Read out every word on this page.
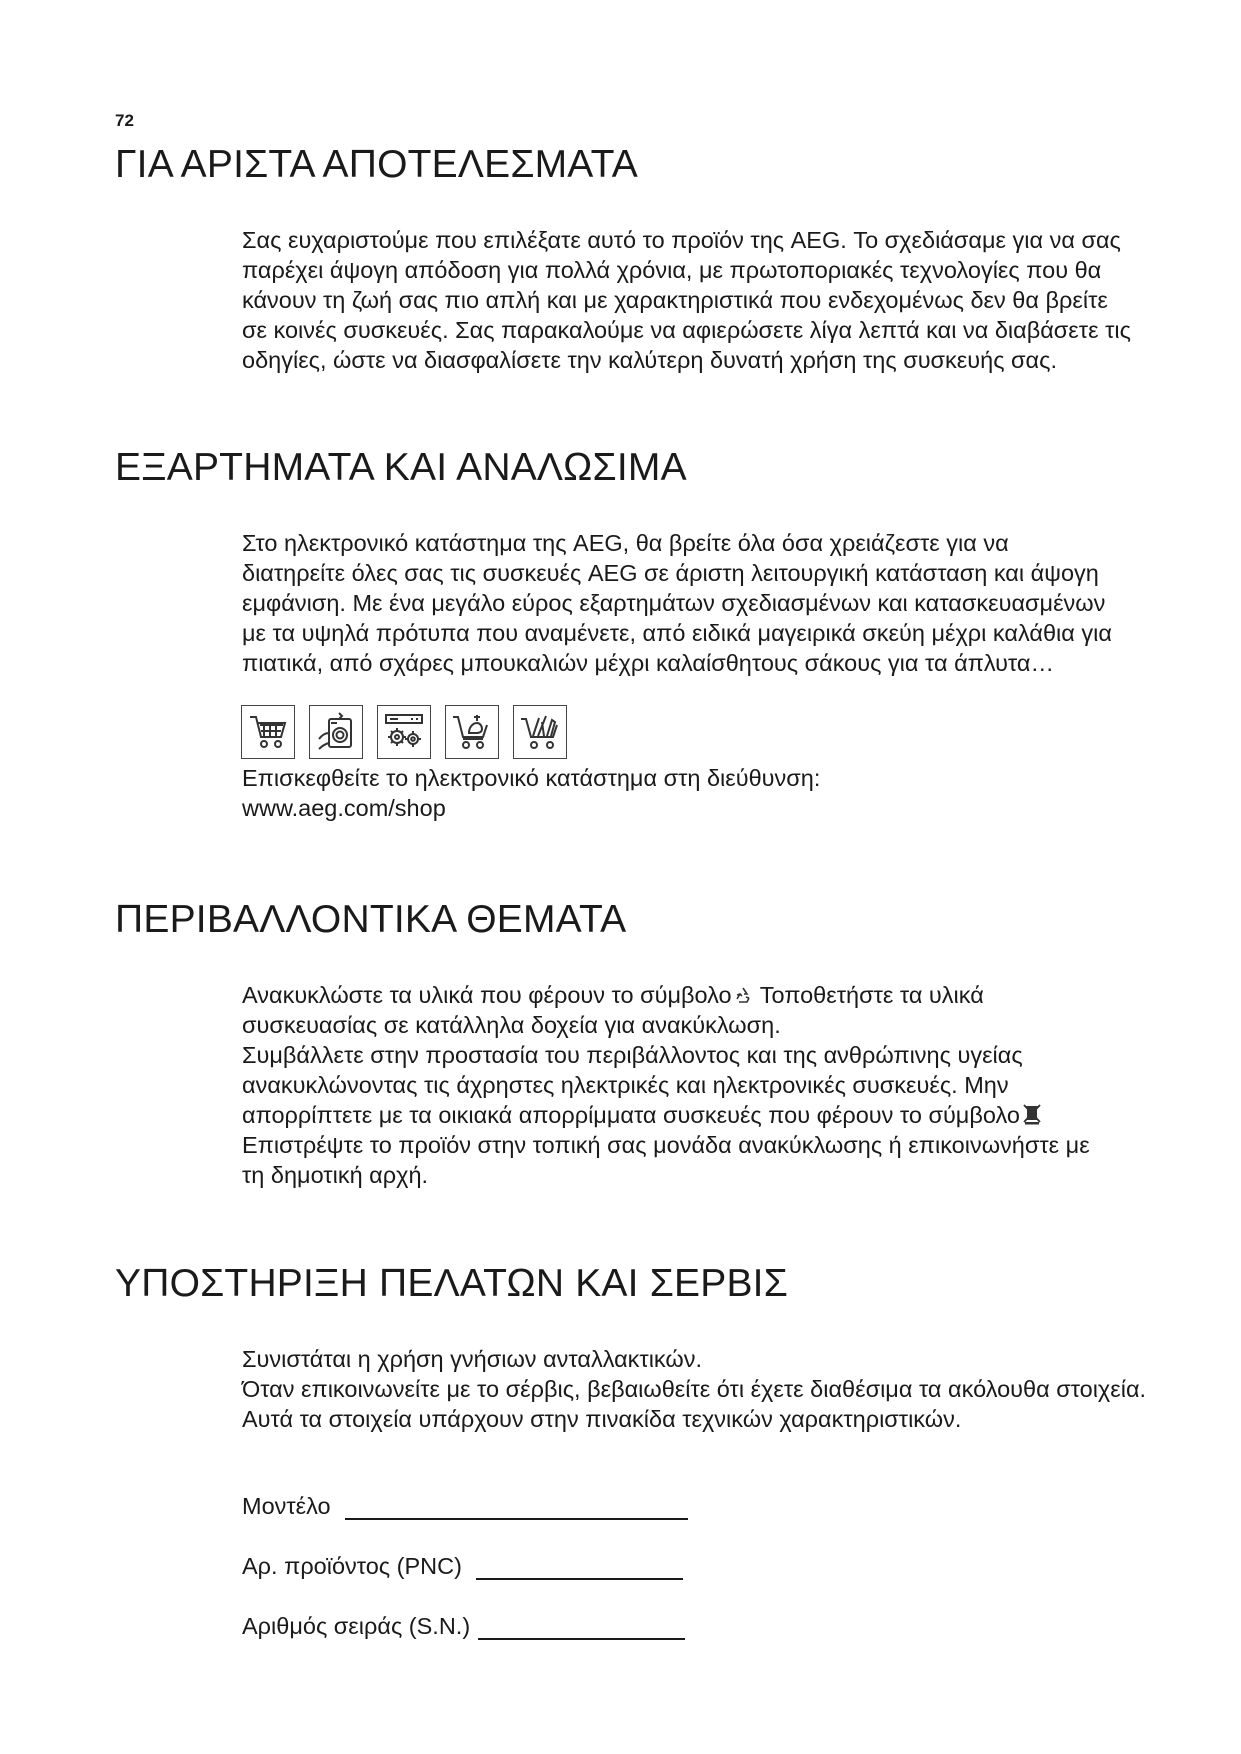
72
ΓΙΑ ΑΡΙΣΤΑ ΑΠΟΤΕΛΕΣΜΑΤΑ
Σας ευχαριστούμε που επιλέξατε αυτό το προϊόν της AEG. Το σχεδιάσαμε για να σας
παρέχει άψογη απόδοση για πολλά χρόνια, με πρωτοποριακές τεχνολογίες που θα
κάνουν τη ζωή σας πιο απλή και με χαρακτηριστικά που ενδεχομένως δεν θα βρείτε
σε κοινές συσκευές. Σας παρακαλούμε να αφιερώσετε λίγα λεπτά και να διαβάσετε τις
οδηγίες, ώστε να διασφαλίσετε την καλύτερη δυνατή χρήση της συσκευής σας.
ΕΞΑΡΤΗΜΑΤΑ ΚΑΙ ΑΝΑΛΩΣΙΜΑ
Στο ηλεκτρονικό κατάστημα της AEG, θα βρείτε όλα όσα χρειάζεστε για να
διατηρείτε όλες σας τις συσκευές AEG σε άριστη λειτουργική κατάσταση και άψογη
εμφάνιση. Με ένα μεγάλο εύρος εξαρτημάτων σχεδιασμένων και κατασκευασμένων
με τα υψηλά πρότυπα που αναμένετε, από ειδικά μαγειρικά σκεύη μέχρι καλάθια για
πιατικά, από σχάρες μπουκαλιών μέχρι καλαίσθητους σάκους για τα άπλυτα…
Επισκεφθείτε το ηλεκτρονικό κατάστημα στη διεύθυνση:
www.aeg.com/shop
ΠΕΡΙΒΑΛΛΟΝΤΙΚΑ ΘΕΜΑΤΑ
Ανακυκλώστε τα υλικά που φέρουν το σύμβολο Τοποθετήστε τα υλικά
συσκευασίας σε κατάλληλα δοχεία για ανακύκλωση.
Συμβάλλετε στην προστασία του περιβάλλοντος και της ανθρώπινης υγείας
ανακυκλώνοντας τις άχρηστες ηλεκτρικές και ηλεκτρονικές συσκευές. Μην
απορρίπτετε με τα οικιακά απορρίμματα συσκευές που φέρουν το σύμβολο
Επιστρέψτε το προϊόν στην τοπική σας μονάδα ανακύκλωσης ή επικοινωνήστε με
τη δημοτική αρχή.
ΥΠΟΣΤΗΡΙΞΗ ΠΕΛΑΤΩΝ ΚΑΙ ΣΕΡΒΙΣ
Συνιστάται η χρήση γνήσιων ανταλλακτικών.
Όταν επικοινωνείτε με το σέρβις, βεβαιωθείτε ότι έχετε διαθέσιμα τα ακόλουθα στοιχεία.
Αυτά τα στοιχεία υπάρχουν στην πινακίδα τεχνικών χαρακτηριστικών.
Μοντέλο
Αρ. προϊόντος (PNC)
Αριθμός σειράς (S.N.)
